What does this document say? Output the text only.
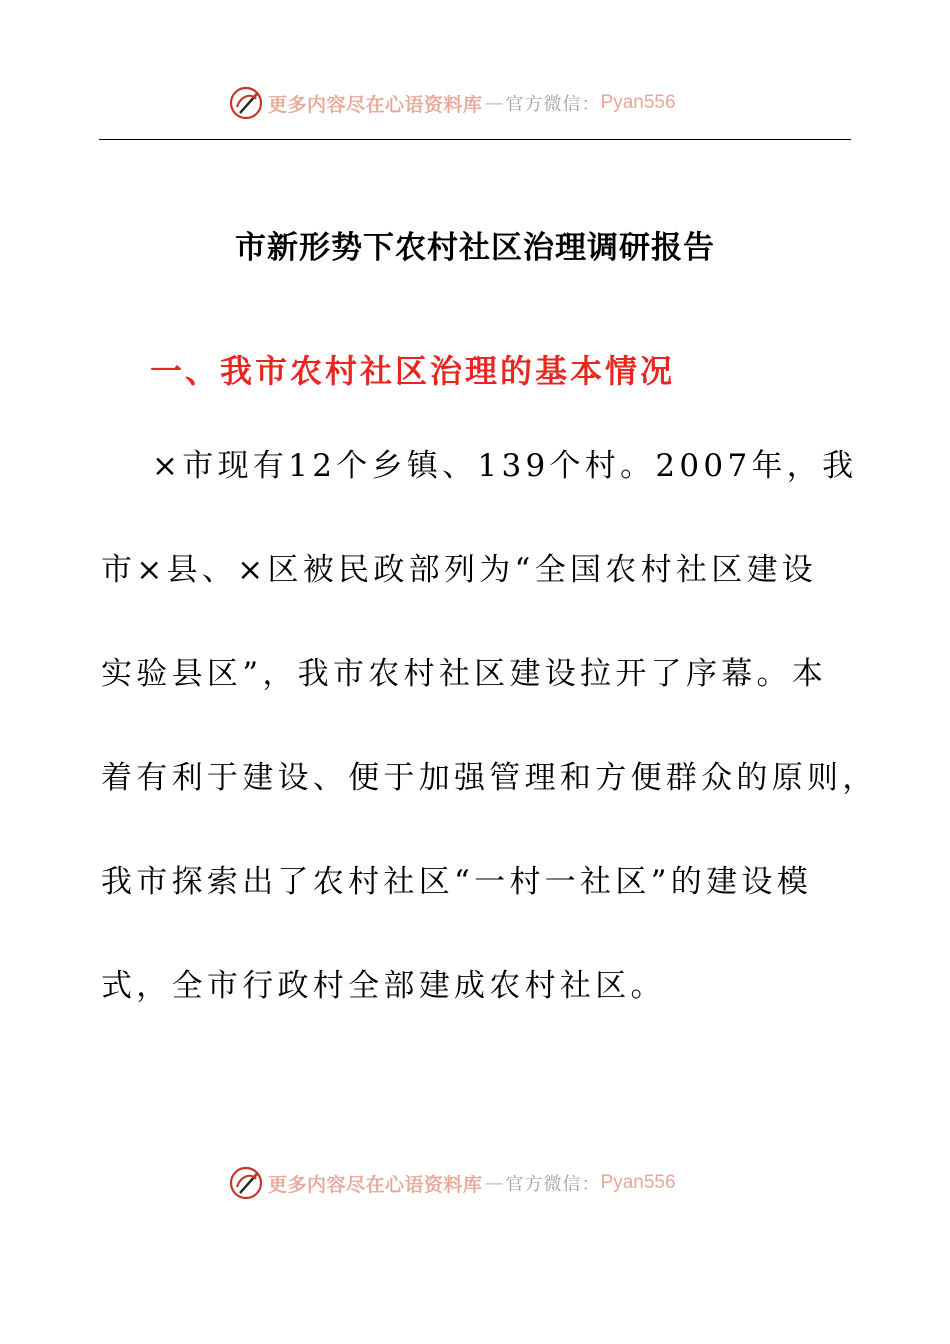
更多内容尽在心语资料库 — 官方微信： Pyan556
市新形势下农村社区治理调研报告
一、我市农村社区治理的基本情况

×市现有12个乡镇、139个村。2007年，我

市×县、×区被民政部列为“全国农村社区建设

实验县区”，我市农村社区建设拉开了序幕。本

着有利于建设、便于加强管理和方便群众的原则，

我市探索出了农村社区“一村一社区”的建设模

式，全市行政村全部建成农村社区。

更多内容尽在心语资料库 — 官方微信： Pyan556
